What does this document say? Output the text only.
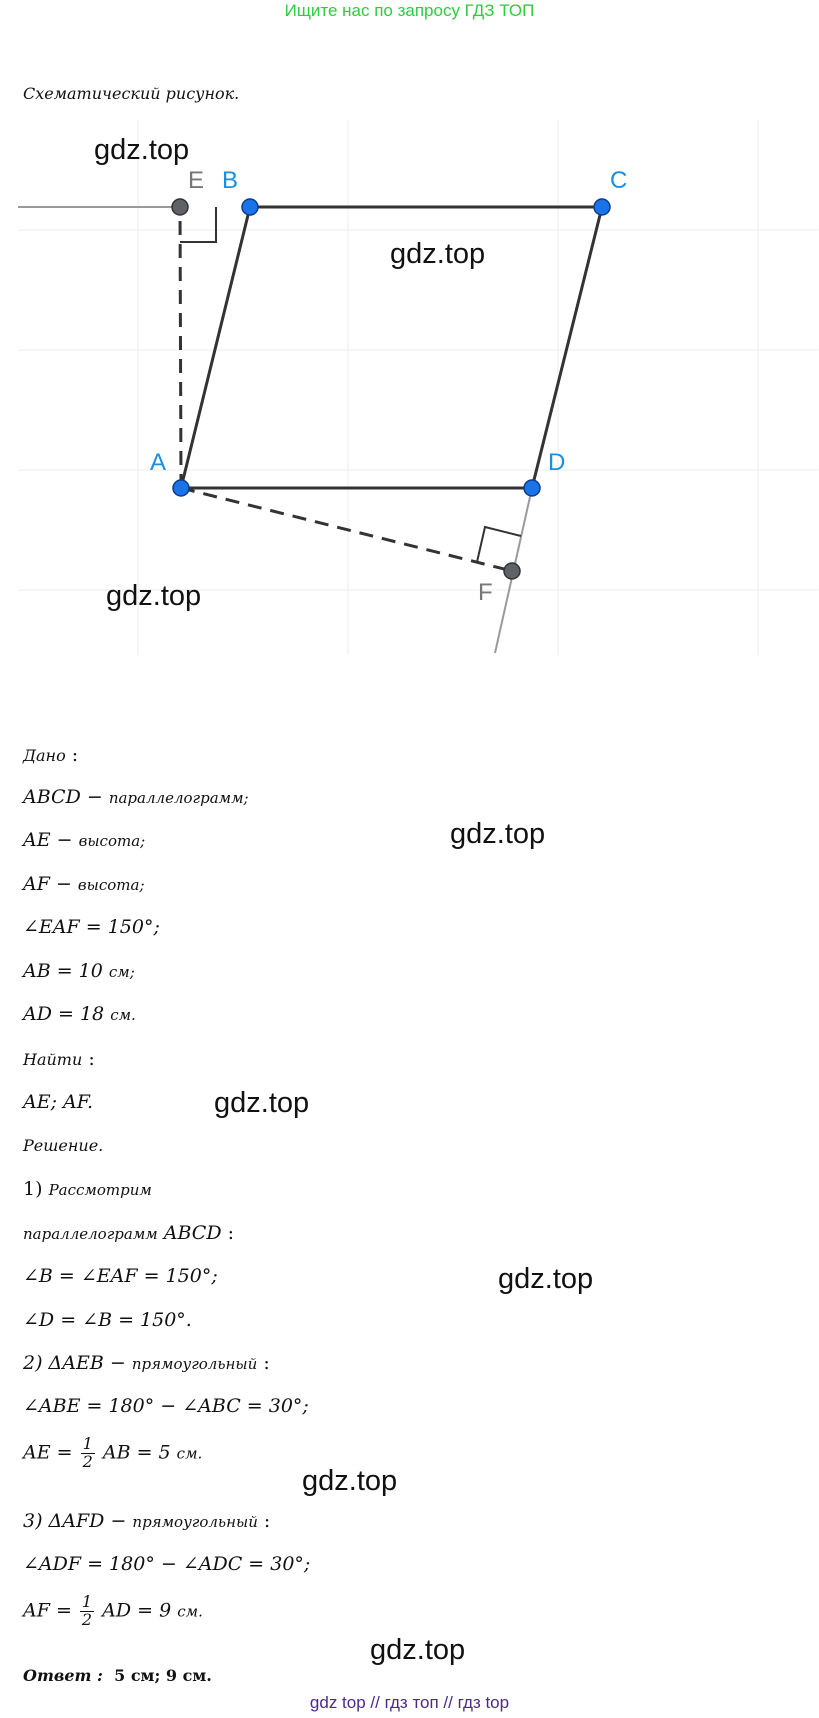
Ищите нас по запросу ГДЗ ТОП
Схематический рисунок.
E B	C
A	D
F
gdz.top
gdz.top
gdz.top
gdz.top
gdz.top
gdz.top
gdz.top
gdz.top
Дано :
ABCD − параллелограмм;
AE − высота;
AF − высота;
∠EAF = 150°;
AB = 10 см;
AD = 18 см.
Найти :
AE; AF.
Решение.
1) Рассмотрим
параллелограмм ABCD :
∠B = ∠EAF = 150°;
∠D = ∠B = 150°.
2) ΔAEB − прямоугольный :
∠ABE = 180° − ∠ABC = 30°;
AE = $\frac{1}{2}$ AB = 5 см.
3) ΔAFD − прямоугольный :
∠ADF = 180° − ∠ADC = 30°;
AF = $\frac{1}{2}$ AD = 9 см.
Ответ : 5 см; 9 см.
gdz top // гдз топ // гдз top
